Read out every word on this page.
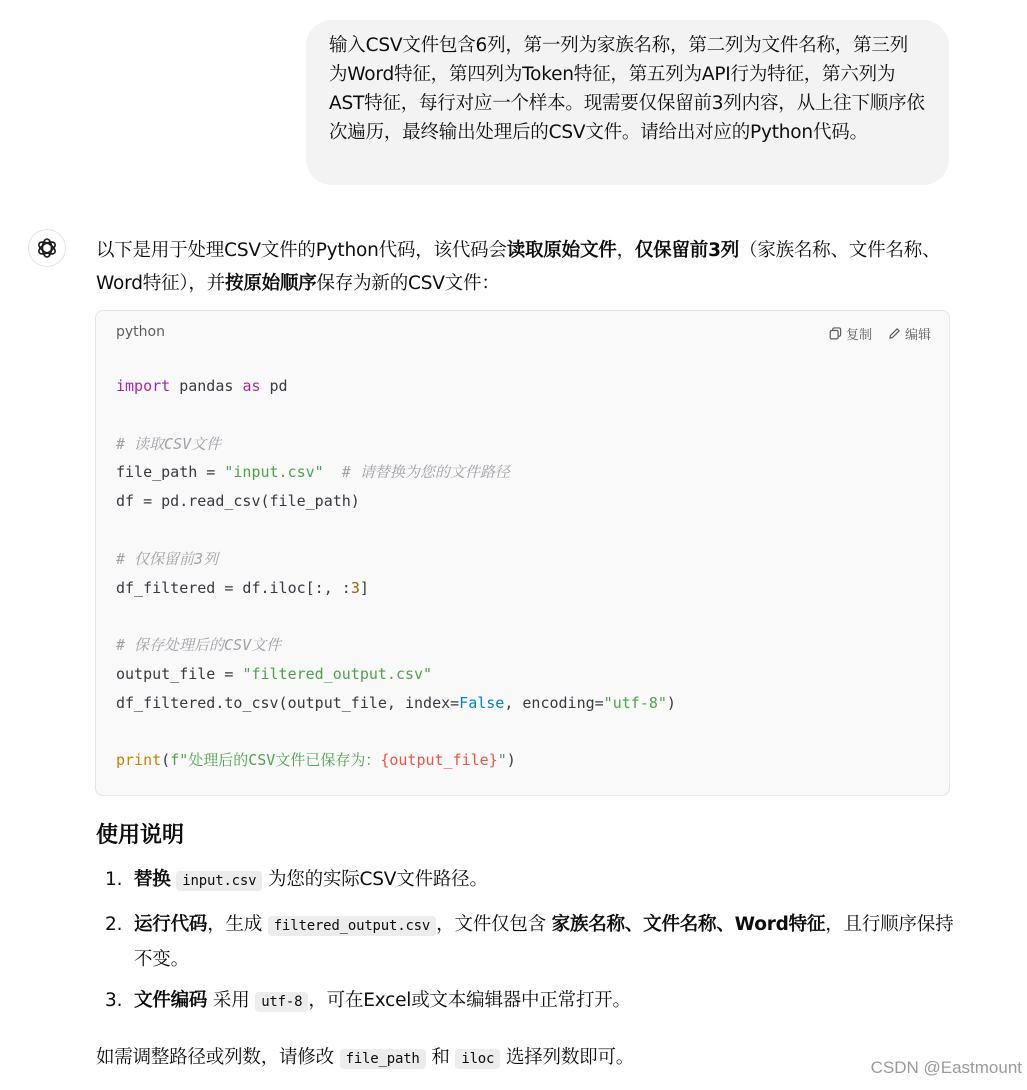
输入CSV文件包含6列，第一列为家族名称，第二列为文件名称，第三列为Word特征，第四列为Token特征，第五列为API行为特征，第六列为AST特征，每行对应一个样本。现需要仅保留前3列内容，从上往下顺序依次遍历，最终输出处理后的CSV文件。请给出对应的Python代码。
以下是用于处理CSV文件的Python代码，该代码会读取原始文件，仅保留前3列（家族名称、文件名称、Word特征），并按原始顺序保存为新的CSV文件：
python	复制	编辑
import pandas as pd

# 读取CSV文件
file_path = "input.csv" # 请替换为您的文件路径
df = pd.read_csv(file_path)

# 仅保留前3列
df_filtered = df.iloc[:, :3]

# 保存处理后的CSV文件
output_file = "filtered_output.csv"
df_filtered.to_csv(output_file, index=False, encoding="utf-8")

print(f"处理后的CSV文件已保存为：{output_file}")
使用说明
1. 替换 input.csv 为您的实际CSV文件路径。
2. 运行代码，生成 filtered_output.csv ，文件仅包含 家族名称、文件名称、Word特征，且行顺序保持不变。
3. 文件编码 采用 utf-8 ，可在Excel或文本编辑器中正常打开。
如需调整路径或列数，请修改 file_path 和 iloc 选择列数即可。	CSDN @Eastmount
